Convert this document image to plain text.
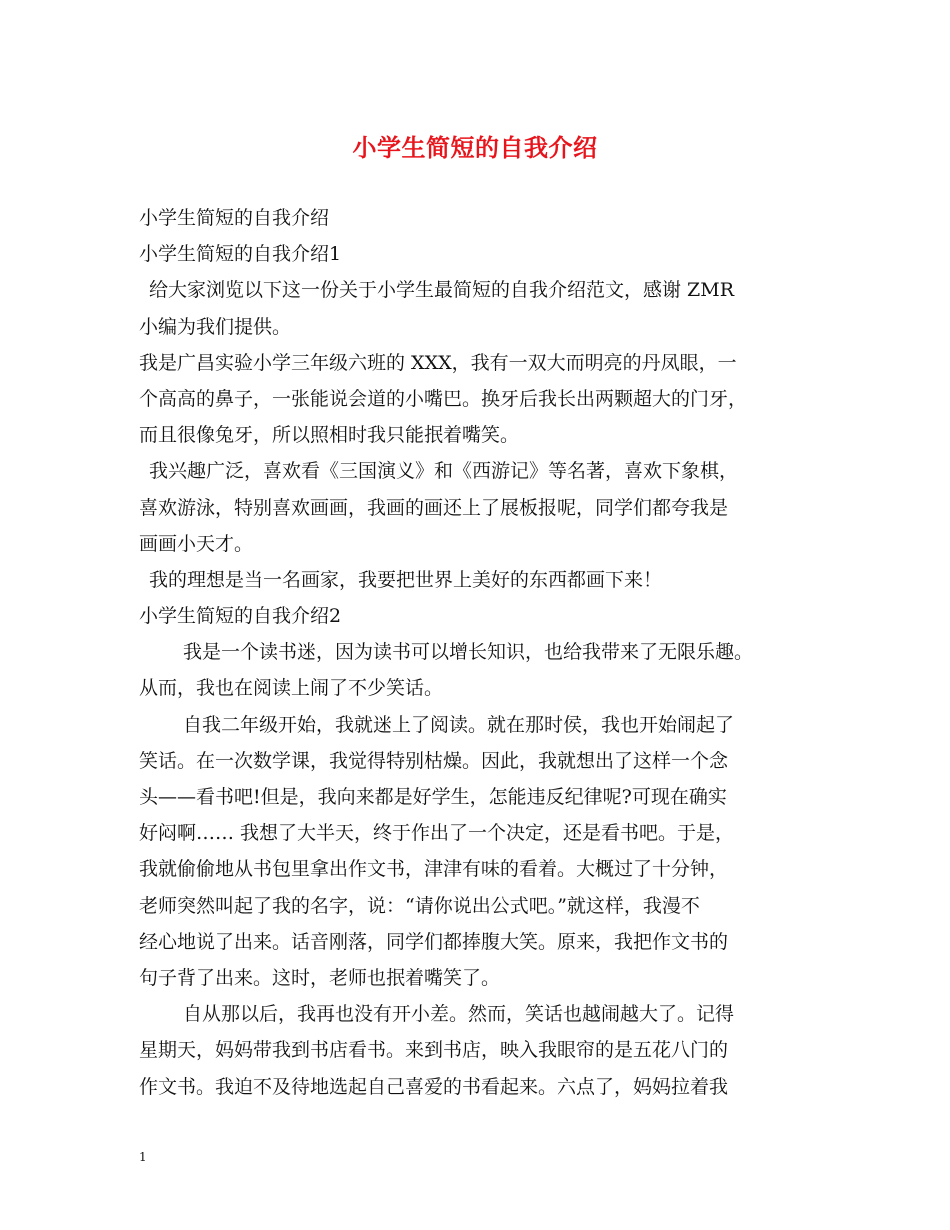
小学生简短的自我介绍
小学生简短的自我介绍
小学生简短的自我介绍1
给大家浏览以下这一份关于小学生最简短的自我介绍范文，感谢 ZMR
小编为我们提供。
我是广昌实验小学三年级六班的 XXX，我有一双大而明亮的丹凤眼，一
个高高的鼻子，一张能说会道的小嘴巴。换牙后我长出两颗超大的门牙，
而且很像兔牙，所以照相时我只能抿着嘴笑。
我兴趣广泛，喜欢看《三国演义》和《西游记》等名著，喜欢下象棋，
喜欢游泳，特别喜欢画画，我画的画还上了展板报呢，同学们都夸我是
画画小天才。
我的理想是当一名画家，我要把世界上美好的东西都画下来！
小学生简短的自我介绍2
我是一个读书迷，因为读书可以增长知识，也给我带来了无限乐趣。
从而，我也在阅读上闹了不少笑话。
自我二年级开始，我就迷上了阅读。就在那时侯，我也开始闹起了
笑话。在一次数学课，我觉得特别枯燥。因此，我就想出了这样一个念
头——看书吧!但是，我向来都是好学生，怎能违反纪律呢?可现在确实
好闷啊…… 我想了大半天，终于作出了一个决定，还是看书吧。于是，
我就偷偷地从书包里拿出作文书，津津有味的看着。大概过了十分钟，
老师突然叫起了我的名字，说：“请你说出公式吧。”就这样，我漫不
经心地说了出来。话音刚落，同学们都捧腹大笑。原来，我把作文书的
句子背了出来。这时，老师也抿着嘴笑了。
自从那以后，我再也没有开小差。然而，笑话也越闹越大了。记得
星期天，妈妈带我到书店看书。来到书店，映入我眼帘的是五花八门的
作文书。我迫不及待地选起自己喜爱的书看起来。六点了，妈妈拉着我
1
